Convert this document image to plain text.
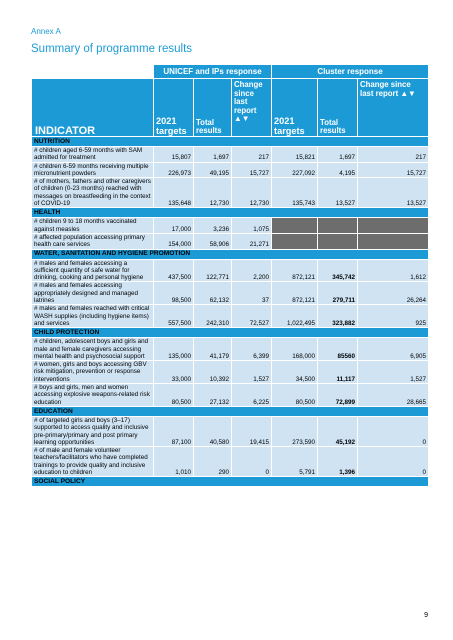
Annex A
Summary of programme results
	UNICEF and IPs response			Cluster response		
INDICATOR	2021 targets	Total results	Change since last report ▲▼	2021 targets	Total results	Change since last report ▲▼
NUTRITION						
# children aged 6-59 months with SAM admitted for treatment	15,807	1,697	217	15,821	1,697	217
# children 6-59 months receiving multiple micronutrient powders	226,973	49,195	15,727	227,092	4,195	15,727
# of mothers, fathers and other caregivers of children (0-23 months) reached with messages on breastfeeding in the context of COVID-19	135,648	12,730	12,730	135,743	13,527	13,527
HEALTH						
# children 9 to 18 months vaccinated against measles	17,000	3,236	1,075			
# affected population accessing primary health care services	154,000	58,906	21,271			
WATER, SANITATION AND HYGIENE PROMOTION						
# males and females accessing a sufficient quantity of safe water for drinking, cooking and personal hygiene	437,500	122,771	2,200	872,121	345,742	1,612
# males and females accessing appropriately designed and managed latrines	98,500	62,132	37	872,121	279,711	26,264
# males and females reached with critical WASH supplies (including hygiene items) and services	557,500	242,310	72,527	1,022,495	323,882	925
CHILD PROTECTION						
# children, adolescent boys and girls and male and female caregivers accessing mental health and psychosocial support	135,000	41,179	6,399	168,000	85560	6,905
# women, girls and boys accessing GBV risk mitigation, prevention or response interventions	33,000	10,392	1,527	34,500	11,117	1,527
# boys and girls, men and women accessing explosive weapons-related risk education	80,500	27,132	6,225	80,500	72,899	28,665
EDUCATION						
# of targeted girls and boys (3–17) supported to access quality and inclusive pre-primary/primary and post primary learning opportunities	87,100	40,580	19,415	273,590	45,192	0
# of male and female volunteer teachers/facilitators who have completed trainings to provide quality and inclusive education to children	1,010	290	0	5,791	1,396	0
SOCIAL POLICY						
9
